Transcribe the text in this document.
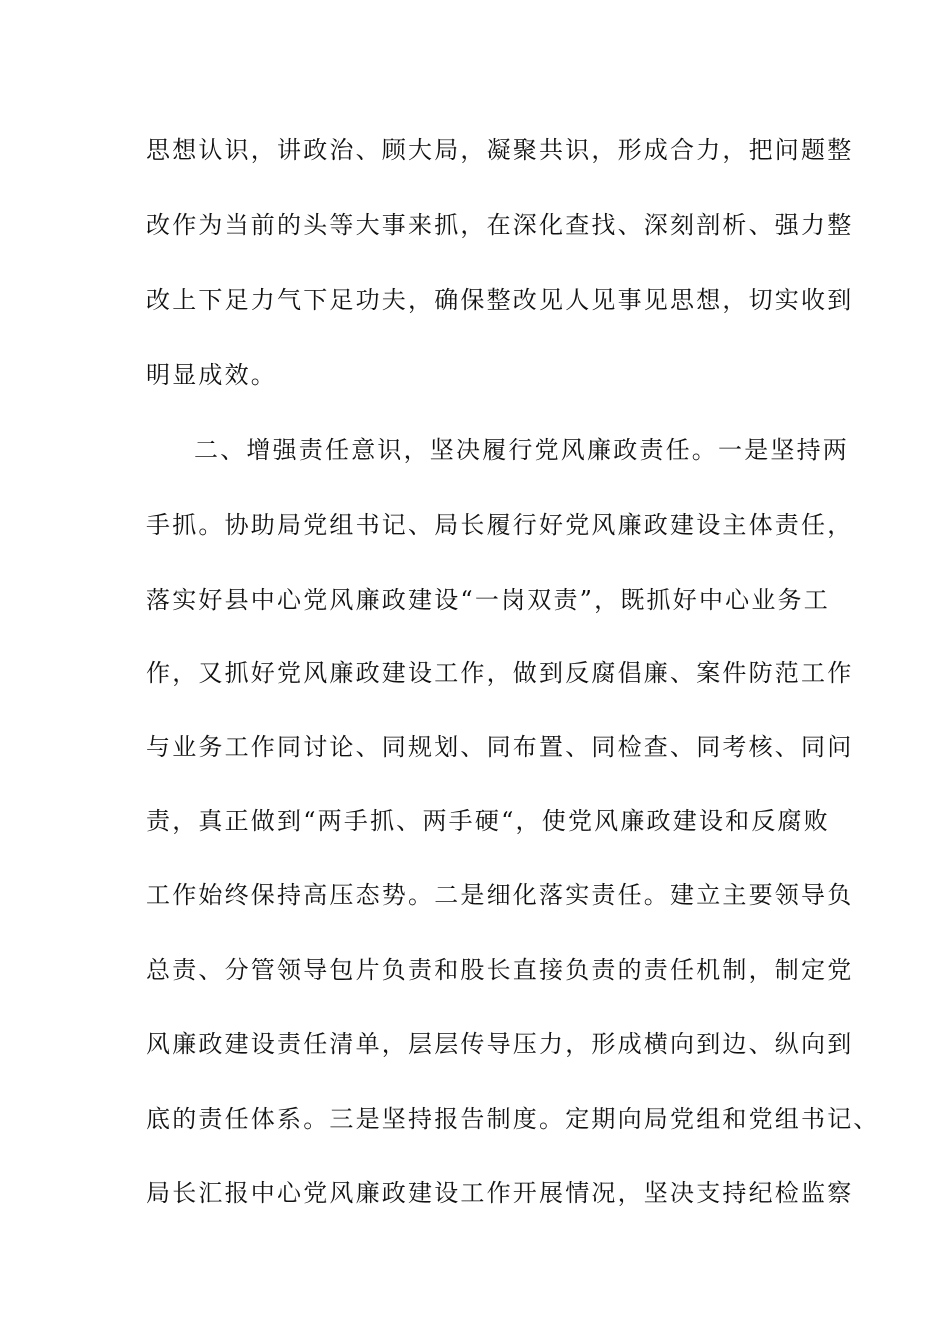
思想认识，讲政治、顾大局，凝聚共识，形成合力，把问题整
改作为当前的头等大事来抓，在深化查找、深刻剖析、强力整
改上下足力气下足功夫，确保整改见人见事见思想，切实收到
明显成效。
二、增强责任意识，坚决履行党风廉政责任。一是坚持两
手抓。协助局党组书记、局长履行好党风廉政建设主体责任，
落实好县中心党风廉政建设“一岗双责”，既抓好中心业务工
作，又抓好党风廉政建设工作，做到反腐倡廉、案件防范工作
与业务工作同讨论、同规划、同布置、同检查、同考核、同问
责，真正做到“两手抓、两手硬“，使党风廉政建设和反腐败
工作始终保持高压态势。二是细化落实责任。建立主要领导负
总责、分管领导包片负责和股长直接负责的责任机制，制定党
风廉政建设责任清单，层层传导压力，形成横向到边、纵向到
底的责任体系。三是坚持报告制度。定期向局党组和党组书记、
局长汇报中心党风廉政建设工作开展情况，坚决支持纪检监察
